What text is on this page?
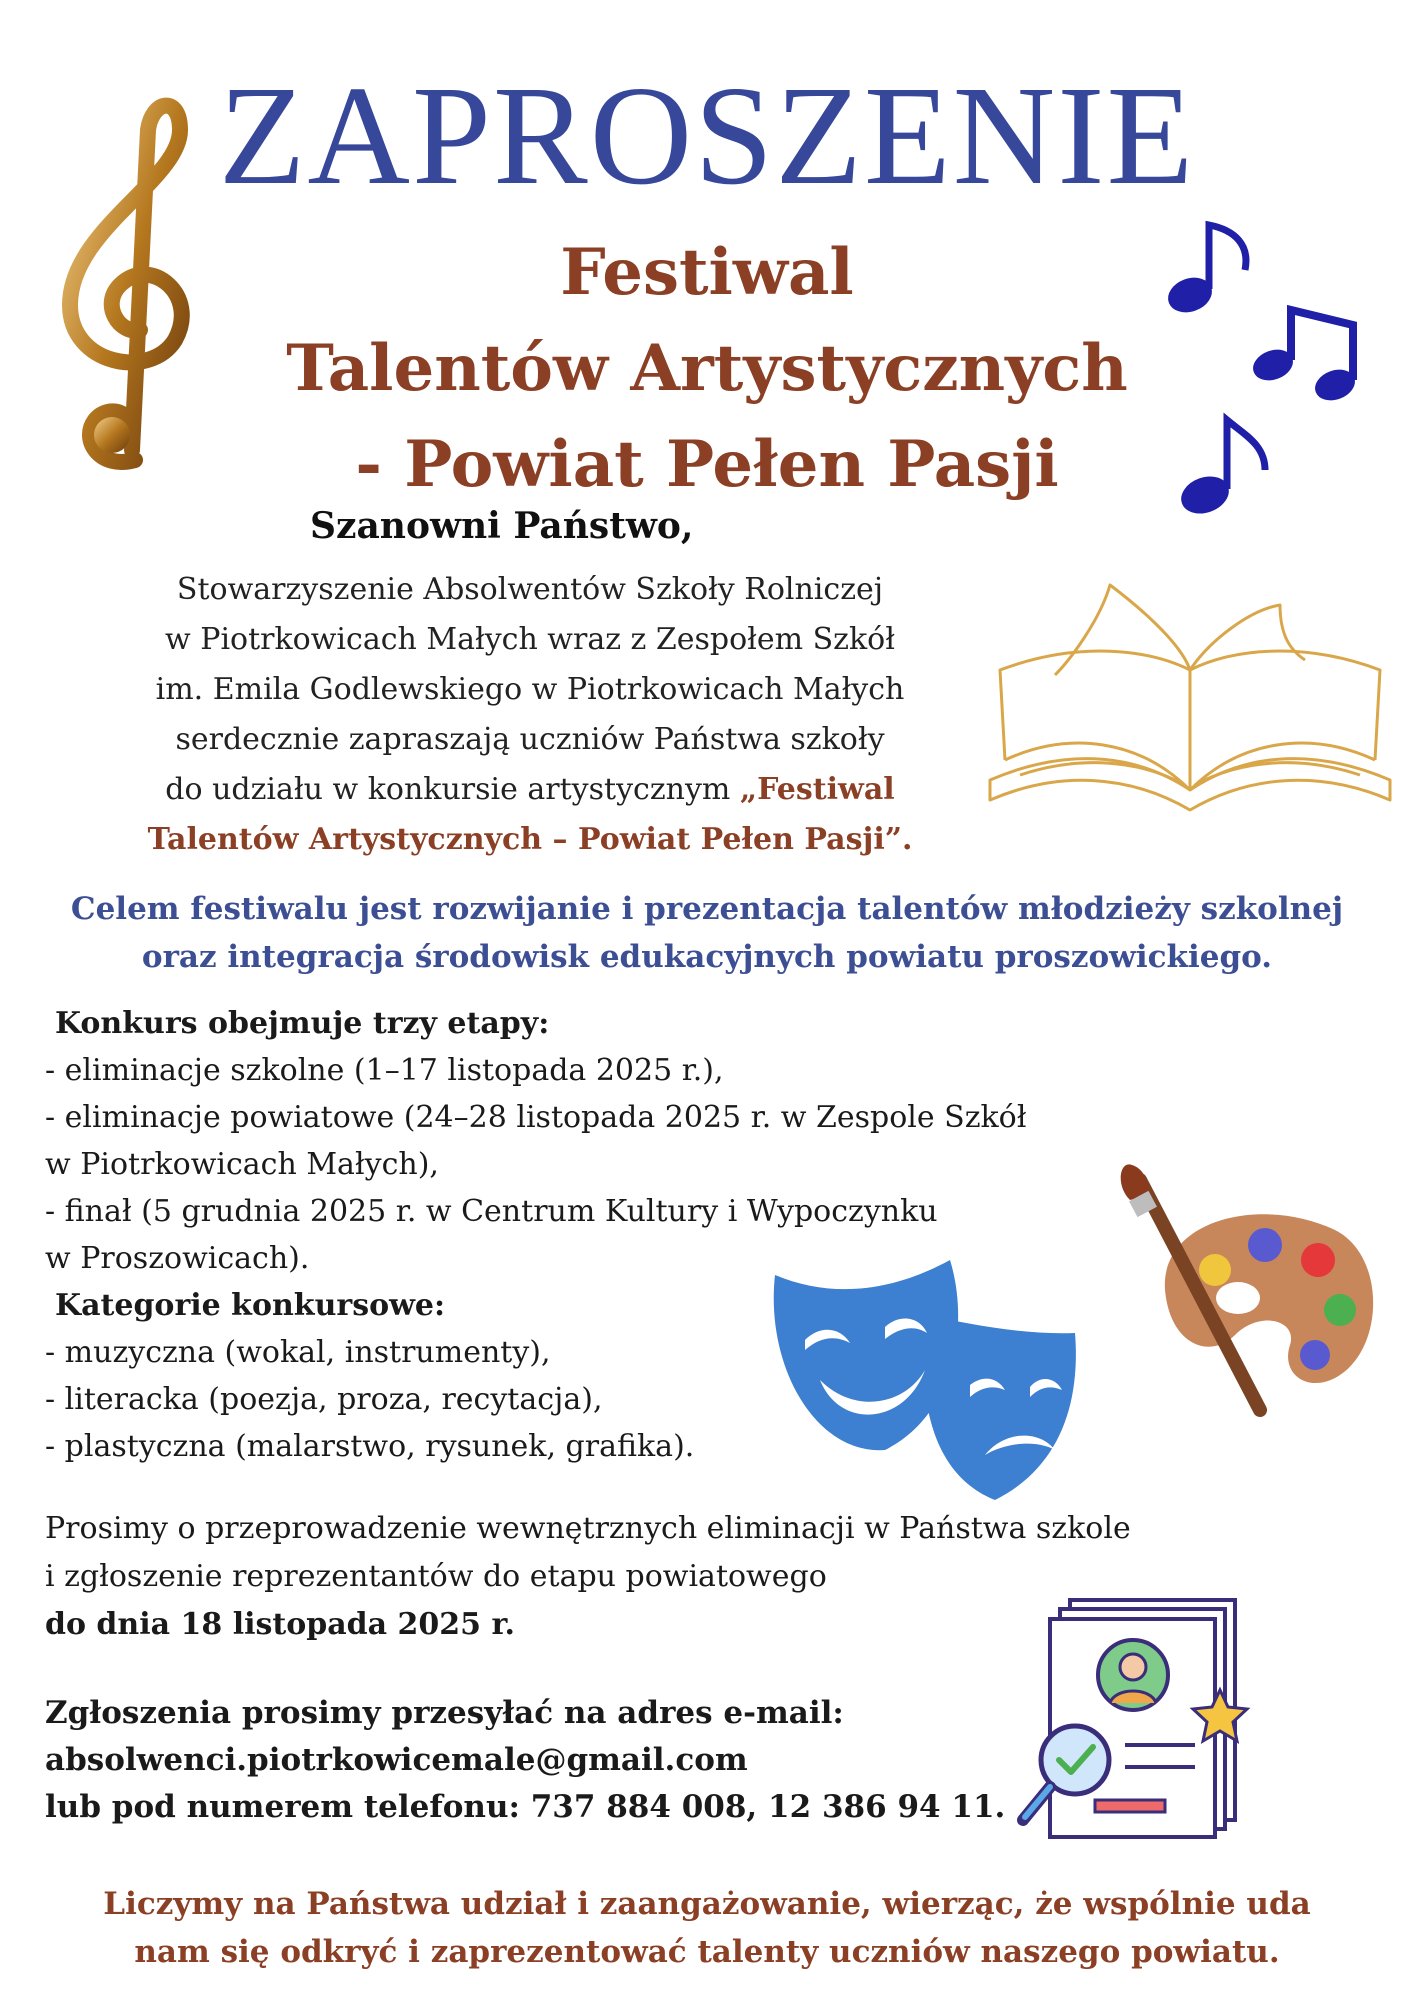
ZAPROSZENIE
Festiwal
Talentów Artystycznych
- Powiat Pełen Pasji
Szanowni Państwo,
Stowarzyszenie Absolwentów Szkoły Rolniczej
w Piotrkowicach Małych wraz z Zespołem Szkół
im. Emila Godlewskiego w Piotrkowicach Małych
serdecznie zapraszają uczniów Państwa szkoły
do udziału w konkursie artystycznym „Festiwal
Talentów Artystycznych – Powiat Pełen Pasji”.
Celem festiwalu jest rozwijanie i prezentacja talentów młodzieży szkolnej
oraz integracja środowisk edukacyjnych powiatu proszowickiego.
Konkurs obejmuje trzy etapy:
- eliminacje szkolne (1–17 listopada 2025 r.),
- eliminacje powiatowe (24–28 listopada 2025 r. w Zespole Szkół
w Piotrkowicach Małych),
- finał (5 grudnia 2025 r. w Centrum Kultury i Wypoczynku
w Proszowicach).
Kategorie konkursowe:
- muzyczna (wokal, instrumenty),
- literacka (poezja, proza, recytacja),
- plastyczna (malarstwo, rysunek, grafika).
Prosimy o przeprowadzenie wewnętrznych eliminacji w Państwa szkole
i zgłoszenie reprezentantów do etapu powiatowego
do dnia 18 listopada 2025 r.
Zgłoszenia prosimy przesyłać na adres e-mail:
absolwenci.piotrkowicemale@gmail.com
lub pod numerem telefonu: 737 884 008, 12 386 94 11.
Liczymy na Państwa udział i zaangażowanie, wierząc, że wspólnie uda
nam się odkryć i zaprezentować talenty uczniów naszego powiatu.
